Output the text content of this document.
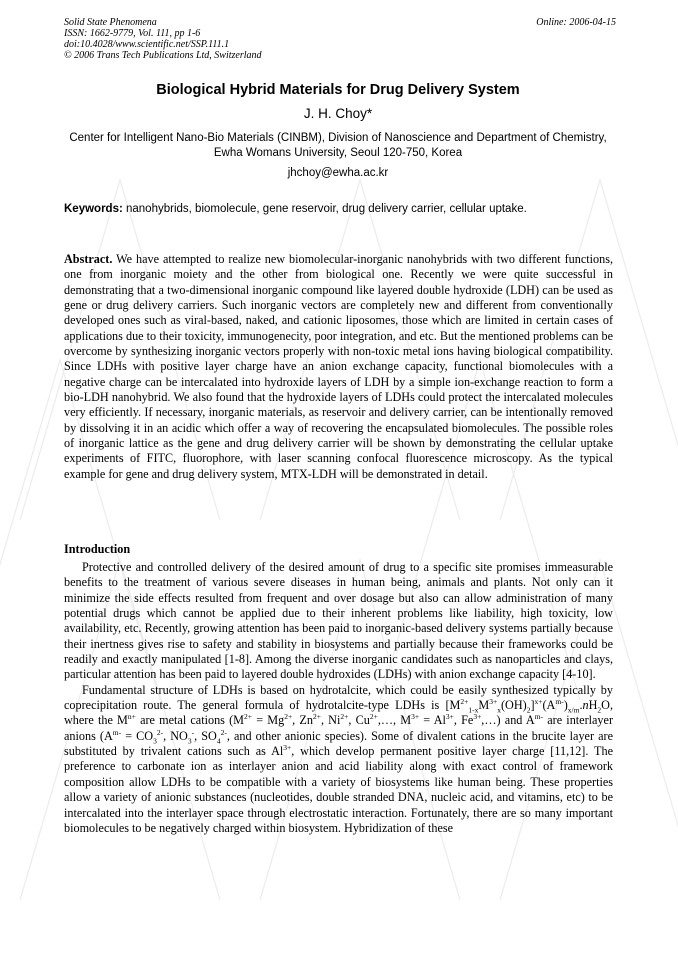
Solid State Phenomena
ISSN: 1662-9779, Vol. 111, pp 1-6
doi:10.4028/www.scientific.net/SSP.111.1
© 2006 Trans Tech Publications Ltd, Switzerland
Online: 2006-04-15
Biological Hybrid Materials for Drug Delivery System
J. H. Choy*
Center for Intelligent Nano-Bio Materials (CINBM), Division of Nanoscience and Department of Chemistry, Ewha Womans University, Seoul 120-750, Korea
jhchoy@ewha.ac.kr
Keywords: nanohybrids, biomolecule, gene reservoir, drug delivery carrier, cellular uptake.
Abstract. We have attempted to realize new biomolecular-inorganic nanohybrids with two different functions, one from inorganic moiety and the other from biological one. Recently we were quite successful in demonstrating that a two-dimensional inorganic compound like layered double hydroxide (LDH) can be used as gene or drug delivery carriers. Such inorganic vectors are completely new and different from conventionally developed ones such as viral-based, naked, and cationic liposomes, those which are limited in certain cases of applications due to their toxicity, immunogenecity, poor integration, and etc. But the mentioned problems can be overcome by synthesizing inorganic vectors properly with non-toxic metal ions having biological compatibility. Since LDHs with positive layer charge have an anion exchange capacity, functional biomolecules with a negative charge can be intercalated into hydroxide layers of LDH by a simple ion-exchange reaction to form a bio-LDH nanohybrid. We also found that the hydroxide layers of LDHs could protect the intercalated molecules very efficiently. If necessary, inorganic materials, as reservoir and delivery carrier, can be intentionally removed by dissolving it in an acidic which offer a way of recovering the encapsulated biomolecules. The possible roles of inorganic lattice as the gene and drug delivery carrier will be shown by demonstrating the cellular uptake experiments of FITC, fluorophore, with laser scanning confocal fluorescence microscopy. As the typical example for gene and drug delivery system, MTX-LDH will be demonstrated in detail.
Introduction

Protective and controlled delivery of the desired amount of drug to a specific site promises immeasurable benefits to the treatment of various severe diseases in human being, animals and plants. Not only can it minimize the side effects resulted from frequent and over dosage but also can allow administration of many potential drugs which cannot be applied due to their inherent problems like liability, high toxicity, low availability, etc. Recently, growing attention has been paid to inorganic-based delivery systems partially because their inertness gives rise to safety and stability in biosystems and partially because their frameworks could be readily and exactly manipulated [1-8]. Among the diverse inorganic candidates such as nanoparticles and clays, particular attention has been paid to layered double hydroxides (LDHs) with anion exchange capacity [4-10].

Fundamental structure of LDHs is based on hydrotalcite, which could be easily synthesized typically by coprecipitation route. The general formula of hydrotalcite-type LDHs is $[M^{2+}_{1-x}M^{3+}_x(OH)_2]^{x+}(A^{m-})_{x/m}.nH_2O$, where the $M^{n+}$ are metal cations ($M^{2+} = Mg^{2+}$, $Zn^{2+}$, $Ni^{2+}$, $Cu^{2+},\dots$, $M^{3+} = Al^{3+}$, $Fe^{3+},\dots$) and $A^{m-}$ are interlayer anions ($A^{m-} = CO_3^{2-}$, $NO_3^-$, $SO_4^{2-}$, and other anionic species). Some of divalent cations in the brucite layer are substituted by trivalent cations such as $Al^{3+}$, which develop permanent positive layer charge [11,12]. The preference to carbonate ion as interlayer anion and acid liability along with exact control of framework composition allow LDHs to be compatible with a variety of biosystems like human being. These properties allow a variety of anionic substances (nucleotides, double stranded DNA, nucleic acid, and vitamins, etc) to be intercalated into the interlayer space through electrostatic interaction. Fortunately, there are so many important biomolecules to be negatively charged within biosystem. Hybridization of these
